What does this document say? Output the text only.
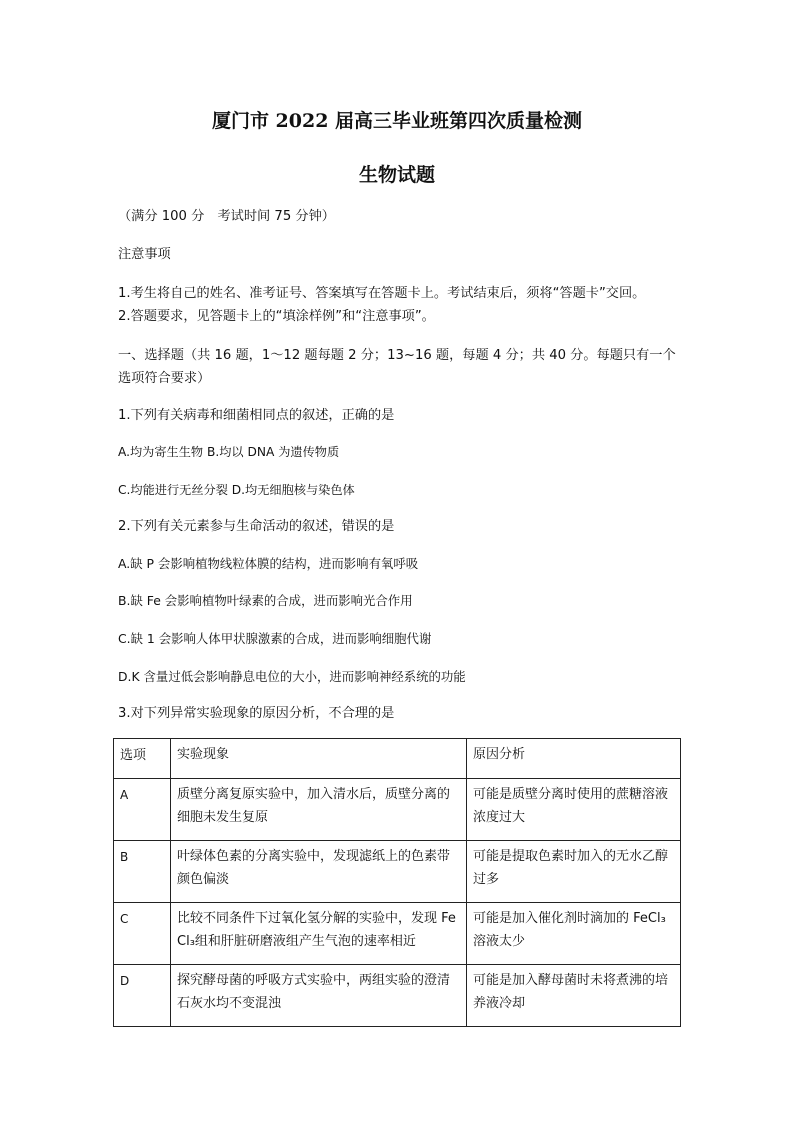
厦门市 2022 届高三毕业班第四次质量检测
生物试题
（满分 100 分　考试时间 75 分钟）
注意事项
1.考生将自己的姓名、准考证号、答案填写在答题卡上。考试结束后，须将“答题卡”交回。
2.答题要求，见答题卡上的“填涂样例”和“注意事项”。
一、选择题（共 16 题，1～12 题每题 2 分；13~16 题，每题 4 分；共 40 分。每题只有一个
选项符合要求）
1.下列有关病毒和细菌相同点的叙述，正确的是
A.均为寄生生物 B.均以 DNA 为遗传物质
C.均能进行无丝分裂 D.均无细胞核与染色体
2.下列有关元素参与生命活动的叙述，错误的是
A.缺 P 会影响植物线粒体膜的结构，进而影响有氧呼吸
B.缺 Fe 会影响植物叶绿素的合成，进而影响光合作用
C.缺 1 会影响人体甲状腺激素的合成，进而影响细胞代谢
D.K 含量过低会影响静息电位的大小，进而影响神经系统的功能
3.对下列异常实验现象的原因分析，不合理的是
选项	实验现象	原因分析
A	质壁分离复原实验中，加入清水后，质壁分离的细胞未发生复原	可能是质壁分离时使用的蔗糖溶液浓度过大
B	叶绿体色素的分离实验中，发现滤纸上的色素带颜色偏淡	可能是提取色素时加入的无水乙醇过多
C	比较不同条件下过氧化氢分解的实验中，发现 FeCl₃组和肝脏研磨液组产生气泡的速率相近	可能是加入催化剂时滴加的 FeCl₃溶液太少
D	探究酵母菌的呼吸方式实验中，两组实验的澄清石灰水均不变混浊	可能是加入酵母菌时未将煮沸的培养液冷却
